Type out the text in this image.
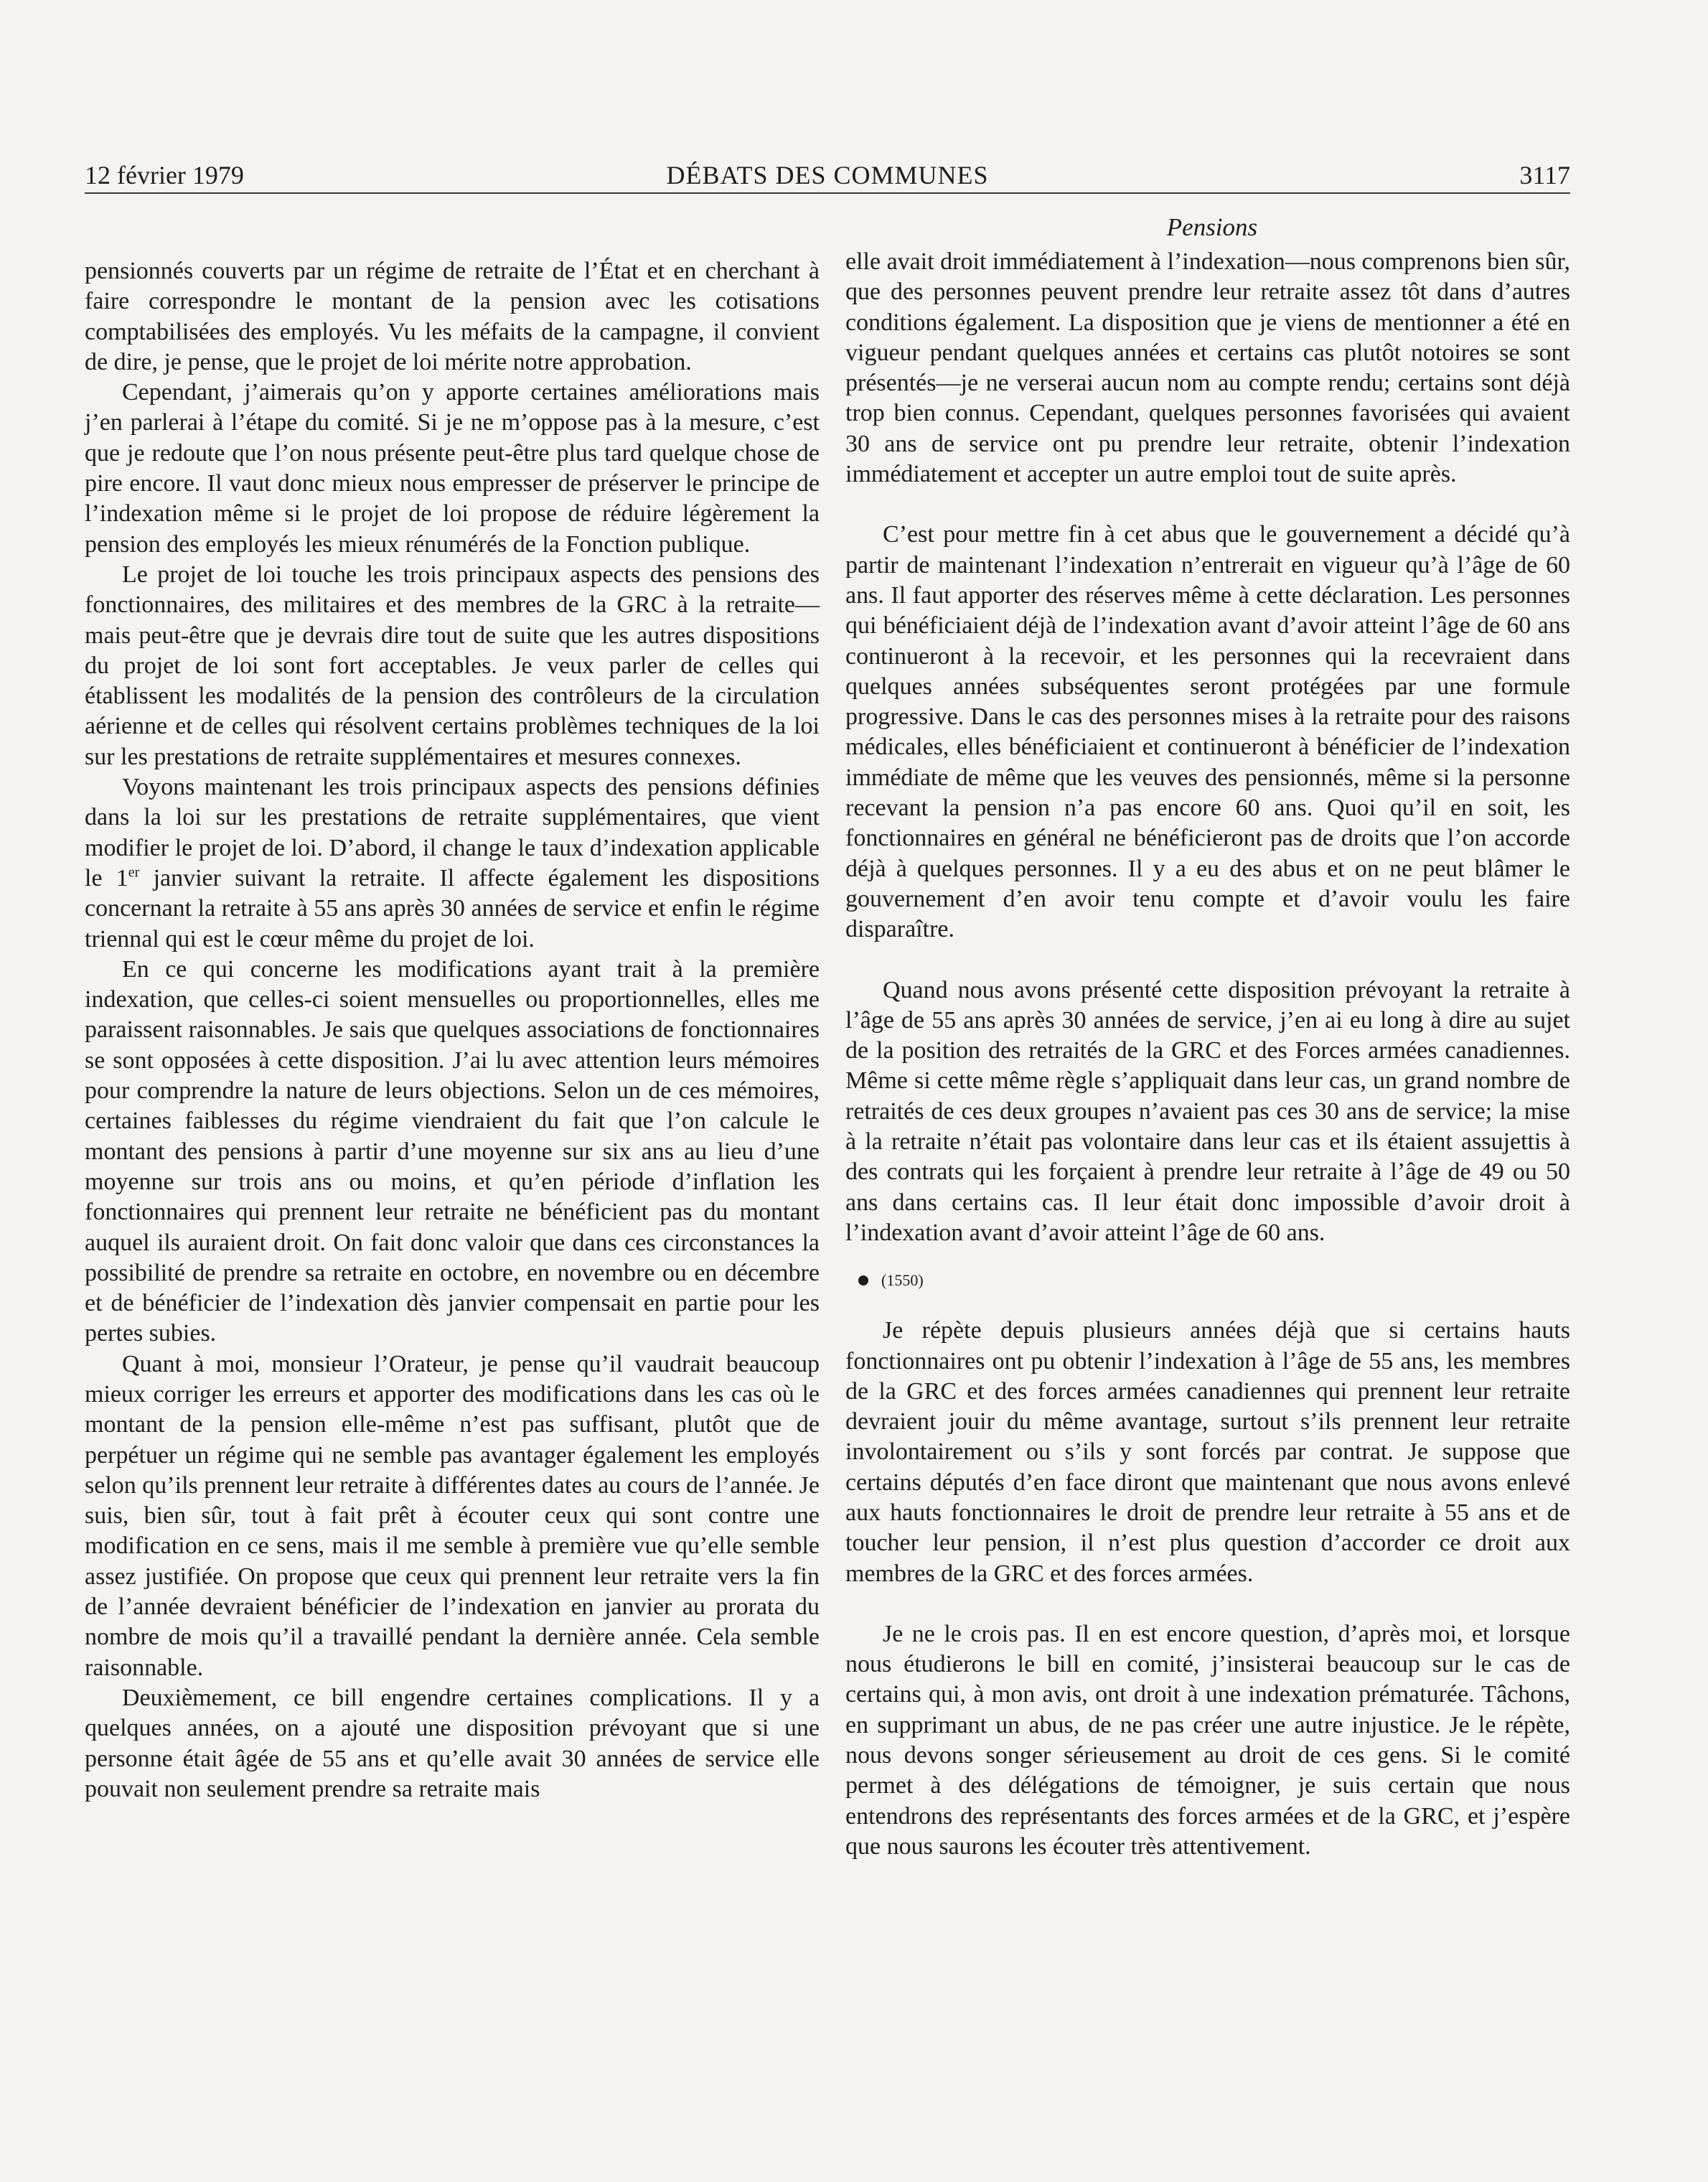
12 février 1979	DÉBATS DES COMMUNES	3117
Pensions

pensionnés couverts par un régime de retraite de l’État et en cherchant à faire correspondre le montant de la pension avec les cotisations comptabilisées des employés. Vu les méfaits de la campagne, il convient de dire, je pense, que le projet de loi mérite notre approbation.

Cependant, j’aimerais qu’on y apporte certaines améliorations mais j’en parlerai à l’étape du comité. Si je ne m’oppose pas à la mesure, c’est que je redoute que l’on nous présente peut-être plus tard quelque chose de pire encore. Il vaut donc mieux nous empresser de préserver le principe de l’indexation même si le projet de loi propose de réduire légèrement la pension des employés les mieux rénumérés de la Fonction publique.

Le projet de loi touche les trois principaux aspects des pensions des fonctionnaires, des militaires et des membres de la GRC à la retraite—mais peut-être que je devrais dire tout de suite que les autres dispositions du projet de loi sont fort acceptables. Je veux parler de celles qui établissent les modalités de la pension des contrôleurs de la circulation aérienne et de celles qui résolvent certains problèmes techniques de la loi sur les prestations de retraite supplémentaires et mesures connexes.

Voyons maintenant les trois principaux aspects des pensions définies dans la loi sur les prestations de retraite supplémentaires, que vient modifier le projet de loi. D’abord, il change le taux d’indexation applicable le 1er janvier suivant la retraite. Il affecte également les dispositions concernant la retraite à 55 ans après 30 années de service et enfin le régime triennal qui est le cœur même du projet de loi.

En ce qui concerne les modifications ayant trait à la première indexation, que celles-ci soient mensuelles ou proportionnelles, elles me paraissent raisonnables. Je sais que quelques associations de fonctionnaires se sont opposées à cette disposition. J’ai lu avec attention leurs mémoires pour comprendre la nature de leurs objections. Selon un de ces mémoires, certaines faiblesses du régime viendraient du fait que l’on calcule le montant des pensions à partir d’une moyenne sur six ans au lieu d’une moyenne sur trois ans ou moins, et qu’en période d’inflation les fonctionnaires qui prennent leur retraite ne bénéficient pas du montant auquel ils auraient droit. On fait donc valoir que dans ces circonstances la possibilité de prendre sa retraite en octobre, en novembre ou en décembre et de bénéficier de l’indexation dès janvier compensait en partie pour les pertes subies.

Quant à moi, monsieur l’Orateur, je pense qu’il vaudrait beaucoup mieux corriger les erreurs et apporter des modifications dans les cas où le montant de la pension elle-même n’est pas suffisant, plutôt que de perpétuer un régime qui ne semble pas avantager également les employés selon qu’ils prennent leur retraite à différentes dates au cours de l’année. Je suis, bien sûr, tout à fait prêt à écouter ceux qui sont contre une modification en ce sens, mais il me semble à première vue qu’elle semble assez justifiée. On propose que ceux qui prennent leur retraite vers la fin de l’année devraient bénéficier de l’indexation en janvier au prorata du nombre de mois qu’il a travaillé pendant la dernière année. Cela semble raisonnable.

Deuxièmement, ce bill engendre certaines complications. Il y a quelques années, on a ajouté une disposition prévoyant que si une personne était âgée de 55 ans et qu’elle avait 30 années de service elle pouvait non seulement prendre sa retraite mais

elle avait droit immédiatement à l’indexation—nous comprenons bien sûr, que des personnes peuvent prendre leur retraite assez tôt dans d’autres conditions également. La disposition que je viens de mentionner a été en vigueur pendant quelques années et certains cas plutôt notoires se sont présentés—je ne verserai aucun nom au compte rendu; certains sont déjà trop bien connus. Cependant, quelques personnes favorisées qui avaient 30 ans de service ont pu prendre leur retraite, obtenir l’indexation immédiatement et accepter un autre emploi tout de suite après.

C’est pour mettre fin à cet abus que le gouvernement a décidé qu’à partir de maintenant l’indexation n’entrerait en vigueur qu’à l’âge de 60 ans. Il faut apporter des réserves même à cette déclaration. Les personnes qui bénéficiaient déjà de l’indexation avant d’avoir atteint l’âge de 60 ans continueront à la recevoir, et les personnes qui la recevraient dans quelques années subséquentes seront protégées par une formule progressive. Dans le cas des personnes mises à la retraite pour des raisons médicales, elles bénéficiaient et continueront à bénéficier de l’indexation immédiate de même que les veuves des pensionnés, même si la personne recevant la pension n’a pas encore 60 ans. Quoi qu’il en soit, les fonctionnaires en général ne bénéficieront pas de droits que l’on accorde déjà à quelques personnes. Il y a eu des abus et on ne peut blâmer le gouvernement d’en avoir tenu compte et d’avoir voulu les faire disparaître.

Quand nous avons présenté cette disposition prévoyant la retraite à l’âge de 55 ans après 30 années de service, j’en ai eu long à dire au sujet de la position des retraités de la GRC et des Forces armées canadiennes. Même si cette même règle s’appliquait dans leur cas, un grand nombre de retraités de ces deux groupes n’avaient pas ces 30 ans de service; la mise à la retraite n’était pas volontaire dans leur cas et ils étaient assujettis à des contrats qui les forçaient à prendre leur retraite à l’âge de 49 ou 50 ans dans certains cas. Il leur était donc impossible d’avoir droit à l’indexation avant d’avoir atteint l’âge de 60 ans.

(1550)

Je répète depuis plusieurs années déjà que si certains hauts fonctionnaires ont pu obtenir l’indexation à l’âge de 55 ans, les membres de la GRC et des forces armées canadiennes qui prennent leur retraite devraient jouir du même avantage, surtout s’ils prennent leur retraite involontairement ou s’ils y sont forcés par contrat. Je suppose que certains députés d’en face diront que maintenant que nous avons enlevé aux hauts fonctionnaires le droit de prendre leur retraite à 55 ans et de toucher leur pension, il n’est plus question d’accorder ce droit aux membres de la GRC et des forces armées.

Je ne le crois pas. Il en est encore question, d’après moi, et lorsque nous étudierons le bill en comité, j’insisterai beaucoup sur le cas de certains qui, à mon avis, ont droit à une indexation prématurée. Tâchons, en supprimant un abus, de ne pas créer une autre injustice. Je le répète, nous devons songer sérieusement au droit de ces gens. Si le comité permet à des délégations de témoigner, je suis certain que nous entendrons des représentants des forces armées et de la GRC, et j’espère que nous saurons les écouter très attentivement.
